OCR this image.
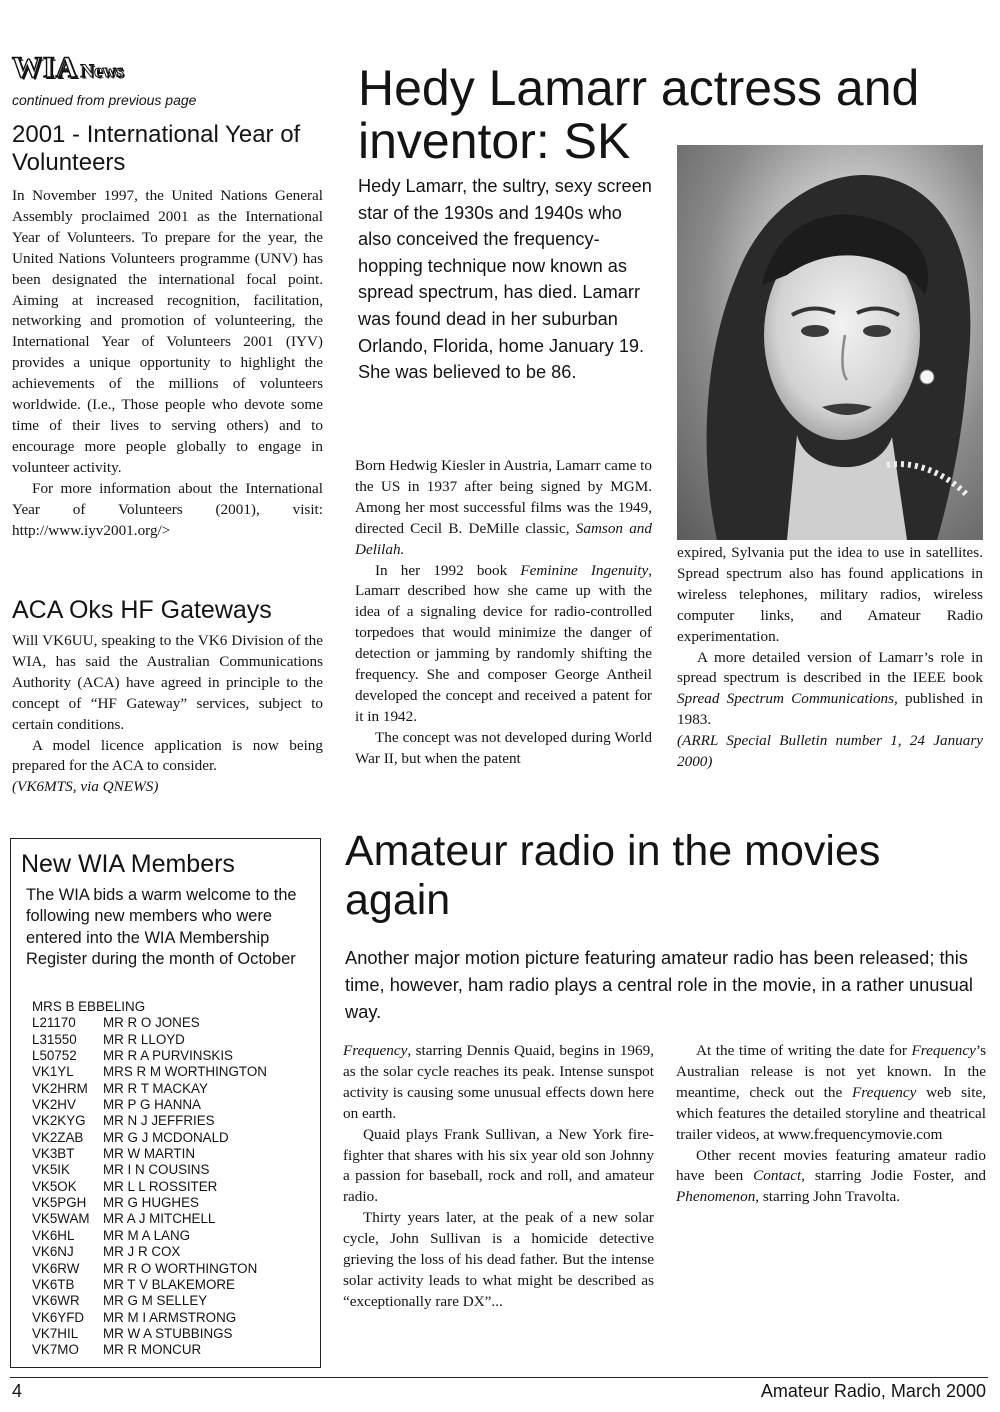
WIA News
continued from previous page
2001 - International Year of Volunteers

In November 1997, the United Nations General Assembly proclaimed 2001 as the International Year of Volunteers. To prepare for the year, the United Nations Volunteers programme (UNV) has been designated the international focal point. Aiming at increased recognition, facilitation, networking and promotion of volunteering, the International Year of Volunteers 2001 (IYV) provides a unique opportunity to highlight the achievements of the millions of volunteers worldwide. (I.e., Those people who devote some time of their lives to serving others) and to encourage more people globally to engage in volunteer activity.

For more information about the International Year of Volunteers (2001), visit: http://www.iyv2001.org/>

ACA Oks HF Gateways

Will VK6UU, speaking to the VK6 Division of the WIA, has said the Australian Communications Authority (ACA) have agreed in principle to the concept of “HF Gateway” services, subject to certain conditions.

A model licence application is now being prepared for the ACA to consider.

(VK6MTS, via QNEWS)

Hedy Lamarr actress and inventor: SK
Hedy Lamarr, the sultry, sexy screen star of the 1930s and 1940s who also conceived the frequency-hopping technique now known as spread spectrum, has died. Lamarr was found dead in her suburban Orlando, Florida, home January 19. She was believed to be 86.

Born Hedwig Kiesler in Austria, Lamarr came to the US in 1937 after being signed by MGM. Among her most successful films was the 1949, directed Cecil B. DeMille classic, Samson and Delilah.

In her 1992 book Feminine Ingenuity, Lamarr described how she came up with the idea of a signaling device for radio-controlled torpedoes that would minimize the danger of detection or jamming by randomly shifting the frequency. She and composer George Antheil developed the concept and received a patent for it in 1942.

The concept was not developed during World War II, but when the patent

expired, Sylvania put the idea to use in satellites. Spread spectrum also has found applications in wireless telephones, military radios, wireless computer links, and Amateur Radio experimentation.

A more detailed version of Lamarr’s role in spread spectrum is described in the IEEE book Spread Spectrum Communications, published in 1983.

(ARRL Special Bulletin number 1, 24 January 2000)

New WIA Members
The WIA bids a warm welcome to the following new members who were entered into the WIA Membership Register during the month of October
MRS B EBBELING
L21170	MR R O JONES
L31550	MR R LLOYD
L50752	MR R A PURVINSKIS
VK1YL	MRS R M WORTHINGTON
VK2HRM	MR R T MACKAY
VK2HV	MR P G HANNA
VK2KYG	MR N J JEFFRIES
VK2ZAB	MR G J MCDONALD
VK3BT	MR W MARTIN
VK5IK	MR I N COUSINS
VK5OK	MR L L ROSSITER
VK5PGH	MR G HUGHES
VK5WAM	MR A J MITCHELL
VK6HL	MR M A LANG
VK6NJ	MR J R COX
VK6RW	MR R O WORTHINGTON
VK6TB	MR T V BLAKEMORE
VK6WR	MR G M SELLEY
VK6YFD	MR M I ARMSTRONG
VK7HIL	MR W A STUBBINGS
VK7MO	MR R MONCUR
Amateur radio in the movies again
Another major motion picture featuring amateur radio has been released; this time, however, ham radio plays a central role in the movie, in a rather unusual way.

Frequency, starring Dennis Quaid, begins in 1969, as the solar cycle reaches its peak. Intense sunspot activity is causing some unusual effects down here on earth.

Quaid plays Frank Sullivan, a New York fire-fighter that shares with his six year old son Johnny a passion for baseball, rock and roll, and amateur radio.

Thirty years later, at the peak of a new solar cycle, John Sullivan is a homicide detective grieving the loss of his dead father. But the intense solar activity leads to what might be described as “exceptionally rare DX”...

At the time of writing the date for Frequency’s Australian release is not yet known. In the meantime, check out the Frequency web site, which features the detailed storyline and theatrical trailer videos, at www.frequencymovie.com

Other recent movies featuring amateur radio have been Contact, starring Jodie Foster, and Phenomenon, starring John Travolta.

4	Amateur Radio, March 2000
